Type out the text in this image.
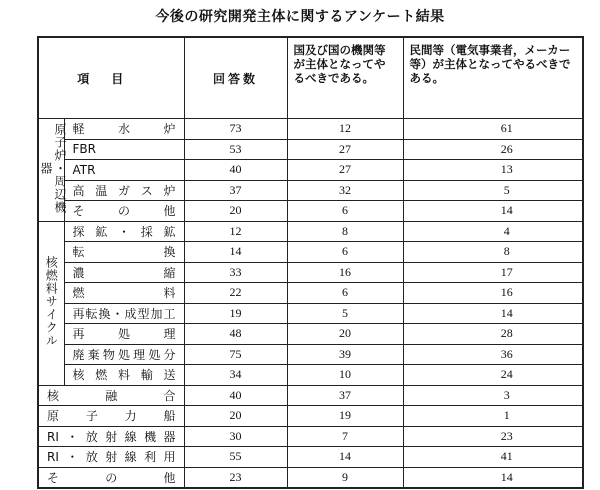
今後の研究開発主体に関するアンケート結果
項目		回答数	国及び国の機関等が主体となってやるべきである。	民間等（電気事業者，メーカー等）が主体となってやるべきである。
原子炉・周辺機器	軽水炉	73	12	61
	FBR	53	27	26
	ATR	40	27	13
	高温ガス炉	37	32	5
	その他	20	6	14
核燃料サイクル	探鉱・採鉱	12	8	4
	転換	14	6	8
	濃縮	33	16	17
	燃料	22	6	16
	再転換・成型加工	19	5	14
	再処理	48	20	28
	廃棄物処理処分	75	39	36
	核燃料輸送	34	10	24
核融合		40	37	3
原子力船		20	19	1
RI・放射線機器		30	7	23
RI・放射線利用		55	14	41
その他		23	9	14
